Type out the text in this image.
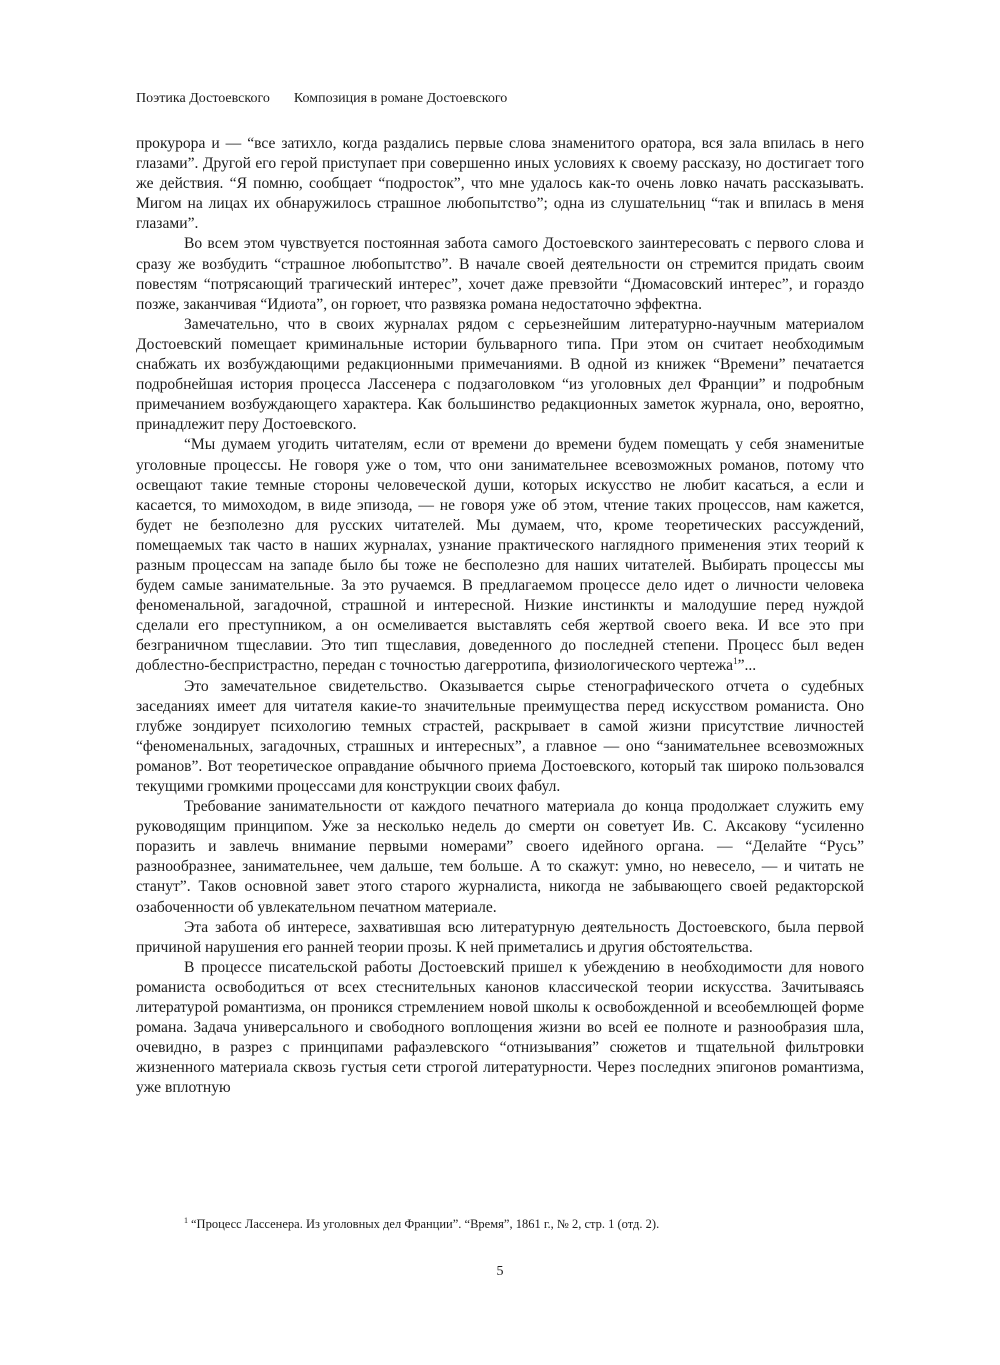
Поэтика Достоевского Композиция в романе Достоевского

прокурора и — “все затихло, когда раздались первые слова знаменитого оратора, вся зала впилась в него глазами”. Другой его герой приступает при совершенно иных условиях к своему рассказу, но достигает того же действия. “Я помню, сообщает “подросток”, что мне удалось как-то очень ловко начать рассказывать. Мигом на лицах их обнаружилось страшное любопытство”; одна из слушательниц “так и впилась в меня глазами”.

Во всем этом чувствуется постоянная забота самого Достоевского заинтересовать с первого слова и сразу же возбудить “страшное любопытство”. В начале своей деятельности он стремится придать своим повестям “потрясающий трагический интерес”, хочет даже превзойти “Дюмасовский интерес”, и гораздо позже, заканчивая “Идиота”, он горюет, что развязка романа недостаточно эффектна.

Замечательно, что в своих журналах рядом с серьезнейшим литературно-научным материалом Достоевский помещает криминальные истории бульварного типа. При этом он считает необходимым снабжать их возбуждающими редакционными примечаниями. В одной из книжек “Времени” печатается подробнейшая история процесса Лассенера с подзаголовком “из уголовных дел Франции” и подробным примечанием возбуждающего характера. Как большинство редакционных заметок журнала, оно, вероятно, принадлежит перу Достоевского.

“Мы думаем угодить читателям, если от времени до времени будем помещать у себя знаменитые уголовные процессы. Не говоря уже о том, что они занимательнее всевозможных романов, потому что освещают такие темные стороны человеческой души, которых искусство не любит касаться, а если и касается, то мимоходом, в виде эпизода, — не говоря уже об этом, чтение таких процессов, нам кажется, будет не безполезно для русских читателей. Мы думаем, что, кроме теоретических рассуждений, помещаемых так часто в наших журналах, узнание практического наглядного применения этих теорий к разным процессам на западе было бы тоже не бесполезно для наших читателей. Выбирать процессы мы будем самые занимательные. За это ручаемся. В предлагаемом процессе дело идет о личности человека феноменальной, загадочной, страшной и интересной. Низкие инстинкты и малодушие перед нуждой сделали его преступником, а он осмеливается выставлять себя жертвой своего века. И все это при безграничном тщеславии. Это тип тщеславия, доведенного до последней степени. Процесс был веден доблестно-беспристрастно, передан с точностью дагерротипа, физиологического чертежа$^1$”...

Это замечательное свидетельство. Оказывается сырье стенографического отчета о судебных заседаниях имеет для читателя какие-то значительные преимущества перед искусством романиста. Оно глубже зондирует психологию темных страстей, раскрывает в самой жизни присутствие личностей “феноменальных, загадочных, страшных и интересных”, а главное — оно “занимательнее всевозможных романов”. Вот теоретическое оправдание обычного приема Достоевского, который так широко пользовался текущими громкими процессами для конструкции своих фабул.

Требование занимательности от каждого печатного материала до конца продолжает служить ему руководящим принципом. Уже за несколько недель до смерти он советует Ив. С. Аксакову “усиленно поразить и завлечь внимание первыми номерами” своего идейного органа. — “Делайте “Русь” разнообразнее, занимательнее, чем дальше, тем больше. А то скажут: умно, но невесело, — и читать не станут”. Таков основной завет этого старого журналиста, никогда не забывающего своей редакторской озабоченности об увлекательном печатном материале.

Эта забота об интересе, захватившая всю литературную деятельность Достоевского, была первой причиной нарушения его ранней теории прозы. К ней приметались и другия обстоятельства.

В процессе писательской работы Достоевский пришел к убеждению в необходимости для нового романиста освободиться от всех стеснительных канонов классической теории искусства. Зачитываясь литературой романтизма, он проникся стремлением новой школы к освобожденной и всеобемлющей форме романа. Задача универсального и свободного воплощения жизни во всей ее полноте и разнообразия шла, очевидно, в разрез с принципами рафаэлевского “отнизывания” сюжетов и тщательной фильтровки жизненного материала сквозь густыя сети строгой литературности. Через последних эпигонов романтизма, уже вплотную

$^1$ “Процесс Лассенера. Из уголовных дел Франции”. “Время”, 1861 г., № 2, стр. 1 (отд. 2).
5
